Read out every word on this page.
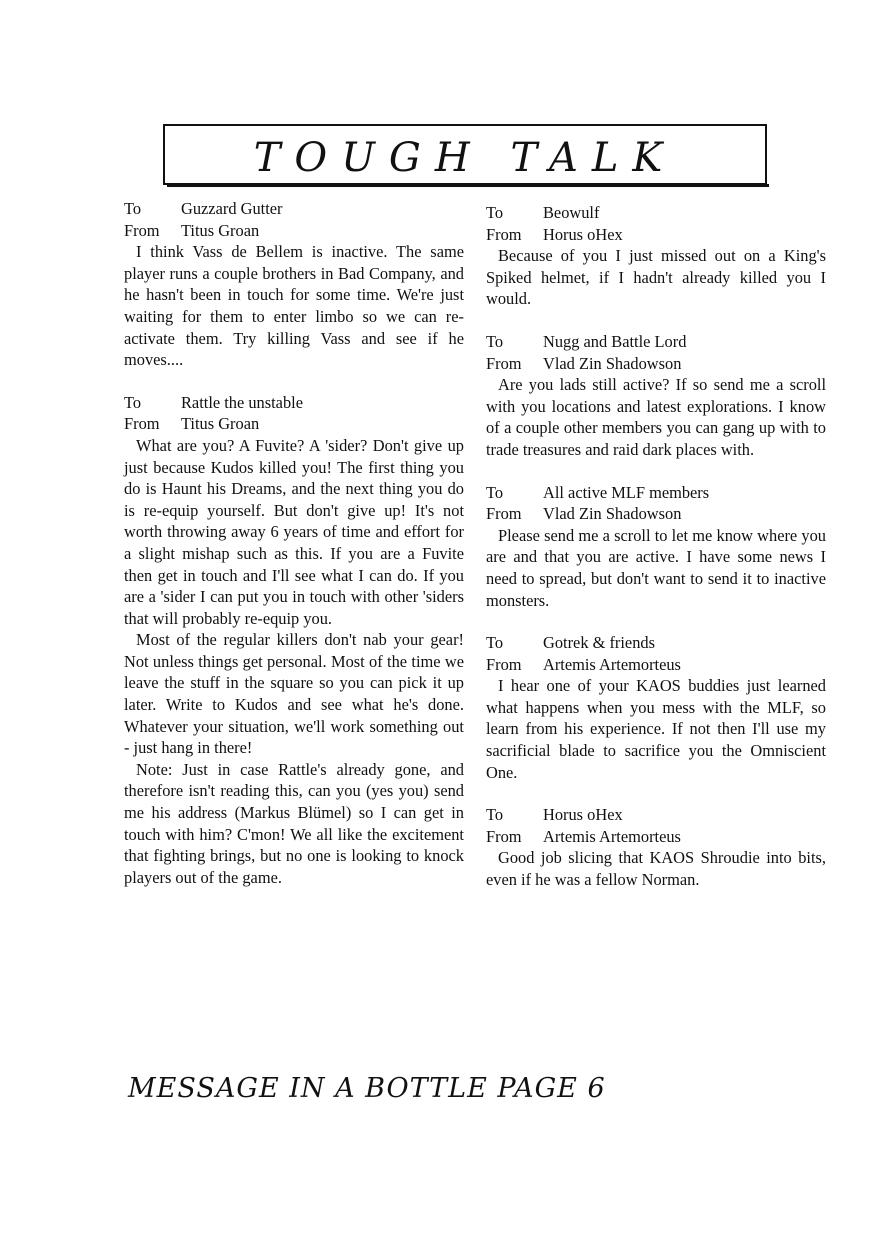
TOUGH TALK
To	Guzzard Gutter
From	Titus Groan

I think Vass de Bellem is inactive. The same player runs a couple brothers in Bad Company, and he hasn't been in touch for some time. We're just waiting for them to enter limbo so we can re-activate them. Try killing Vass and see if he moves....

To	Rattle the unstable
From	Titus Groan

What are you? A Fuvite? A 'sider? Don't give up just because Kudos killed you! The first thing you do is Haunt his Dreams, and the next thing you do is re-equip yourself. But don't give up! It's not worth throwing away 6 years of time and effort for a slight mishap such as this. If you are a Fuvite then get in touch and I'll see what I can do. If you are a 'sider I can put you in touch with other 'siders that will probably re-equip you.

Most of the regular killers don't nab your gear! Not unless things get personal. Most of the time we leave the stuff in the square so you can pick it up later. Write to Kudos and see what he's done. Whatever your situation, we'll work something out - just hang in there!

Note: Just in case Rattle's already gone, and therefore isn't reading this, can you (yes you) send me his address (Markus Blümel) so I can get in touch with him? C'mon! We all like the excitement that fighting brings, but no one is looking to knock players out of the game.

To	Beowulf
From	Horus oHex

Because of you I just missed out on a King's Spiked helmet, if I hadn't already killed you I would.

To	Nugg and Battle Lord
From	Vlad Zin Shadowson

Are you lads still active? If so send me a scroll with you locations and latest explorations. I know of a couple other members you can gang up with to trade treasures and raid dark places with.

To	All active MLF members
From	Vlad Zin Shadowson

Please send me a scroll to let me know where you are and that you are active. I have some news I need to spread, but don't want to send it to inactive monsters.

To	Gotrek & friends
From	Artemis Artemorteus

I hear one of your KAOS buddies just learned what happens when you mess with the MLF, so learn from his experience. If not then I'll use my sacrificial blade to sacrifice you the Omniscient One.

To	Horus oHex
From	Artemis Artemorteus

Good job slicing that KAOS Shroudie into bits, even if he was a fellow Norman.

MESSAGE IN A BOTTLE PAGE 6
